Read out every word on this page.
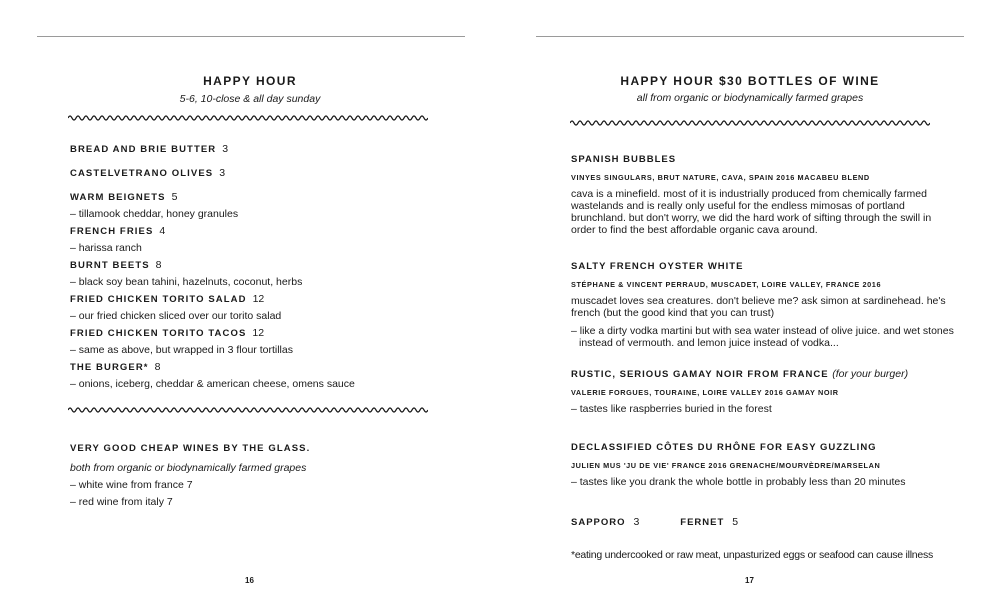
HAPPY HOUR
5-6, 10-close & all day sunday
BREAD AND BRIE BUTTER 3
CASTELVETRANO OLIVES 3
WARM BEIGNETS 5
– tillamook cheddar, honey granules
FRENCH FRIES 4
– harissa ranch
BURNT BEETS 8
– black soy bean tahini, hazelnuts, coconut, herbs
FRIED CHICKEN TORITO SALAD 12
– our fried chicken sliced over our torito salad
FRIED CHICKEN TORITO TACOS 12
– same as above, but wrapped in 3 flour tortillas
THE BURGER* 8
– onions, iceberg, cheddar & american cheese, omens sauce
VERY GOOD CHEAP WINES BY THE GLASS.
both from organic or biodynamically farmed grapes
– white wine from france 7
– red wine from italy 7
16
HAPPY HOUR $30 BOTTLES OF WINE
all from organic or biodynamically farmed grapes
SPANISH BUBBLES
VINYES SINGULARS, BRUT NATURE, CAVA, SPAIN 2016 MACABEU BLEND
cava is a minefield. most of it is industrially produced from chemically farmed wastelands and is really only useful for the endless mimosas of portland brunchland. but don't worry, we did the hard work of sifting through the swill in order to find the best affordable organic cava around.
SALTY FRENCH OYSTER WHITE
STÉPHANE & VINCENT PERRAUD, MUSCADET, LOIRE VALLEY, FRANCE 2016
muscadet loves sea creatures. don't believe me? ask simon at sardinehead. he's french (but the good kind that you can trust)
– like a dirty vodka martini but with sea water instead of olive juice. and wet stones instead of vermouth. and lemon juice instead of vodka...
RUSTIC, SERIOUS GAMAY NOIR FROM FRANCE (for your burger)
VALERIE FORGUES, TOURAINE, LOIRE VALLEY 2016 GAMAY NOIR
– tastes like raspberries buried in the forest
DECLASSIFIED CÔTES DU RHÔNE FOR EASY GUZZLING
JULIEN MUS 'JU DE VIE' FRANCE 2016 GRENACHE/MOURVÈDRE/MARSELAN
– tastes like you drank the whole bottle in probably less than 20 minutes
SAPPORO 3	FERNET 5
*eating undercooked or raw meat, unpasturized eggs or seafood can cause illness
17
